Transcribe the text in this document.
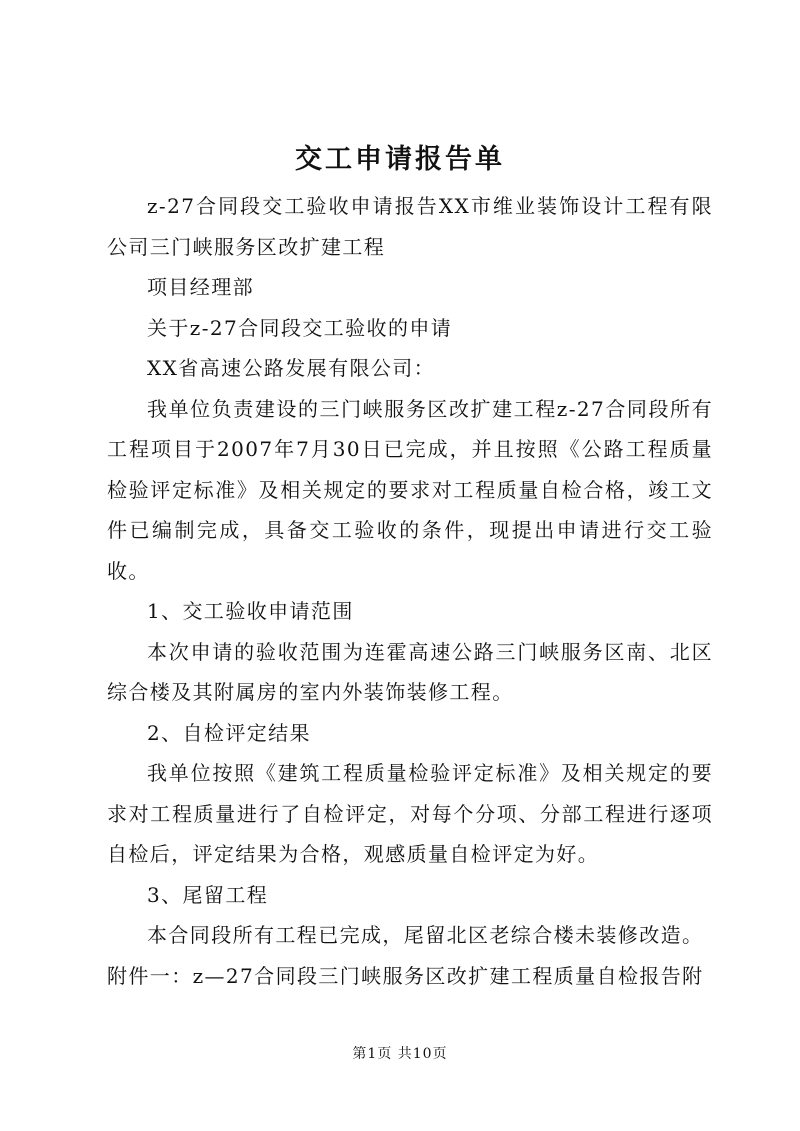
交工申请报告单

z-27合同段交工验收申请报告XX市维业装饰设计工程有限公司三门峡服务区改扩建工程

项目经理部

关于z-27合同段交工验收的申请

XX省高速公路发展有限公司：

我单位负责建设的三门峡服务区改扩建工程z-27合同段所有工程项目于2007年7月30日已完成，并且按照《公路工程质量检验评定标准》及相关规定的要求对工程质量自检合格，竣工文件已编制完成，具备交工验收的条件，现提出申请进行交工验收。

1、交工验收申请范围

本次申请的验收范围为连霍高速公路三门峡服务区南、北区综合楼及其附属房的室内外装饰装修工程。

2、自检评定结果

我单位按照《建筑工程质量检验评定标准》及相关规定的要求对工程质量进行了自检评定，对每个分项、分部工程进行逐项自检后，评定结果为合格，观感质量自检评定为好。

3、尾留工程

本合同段所有工程已完成，尾留北区老综合楼未装修改造。

附件一：z—27合同段三门峡服务区改扩建工程质量自检报告附

第1页 共10页
